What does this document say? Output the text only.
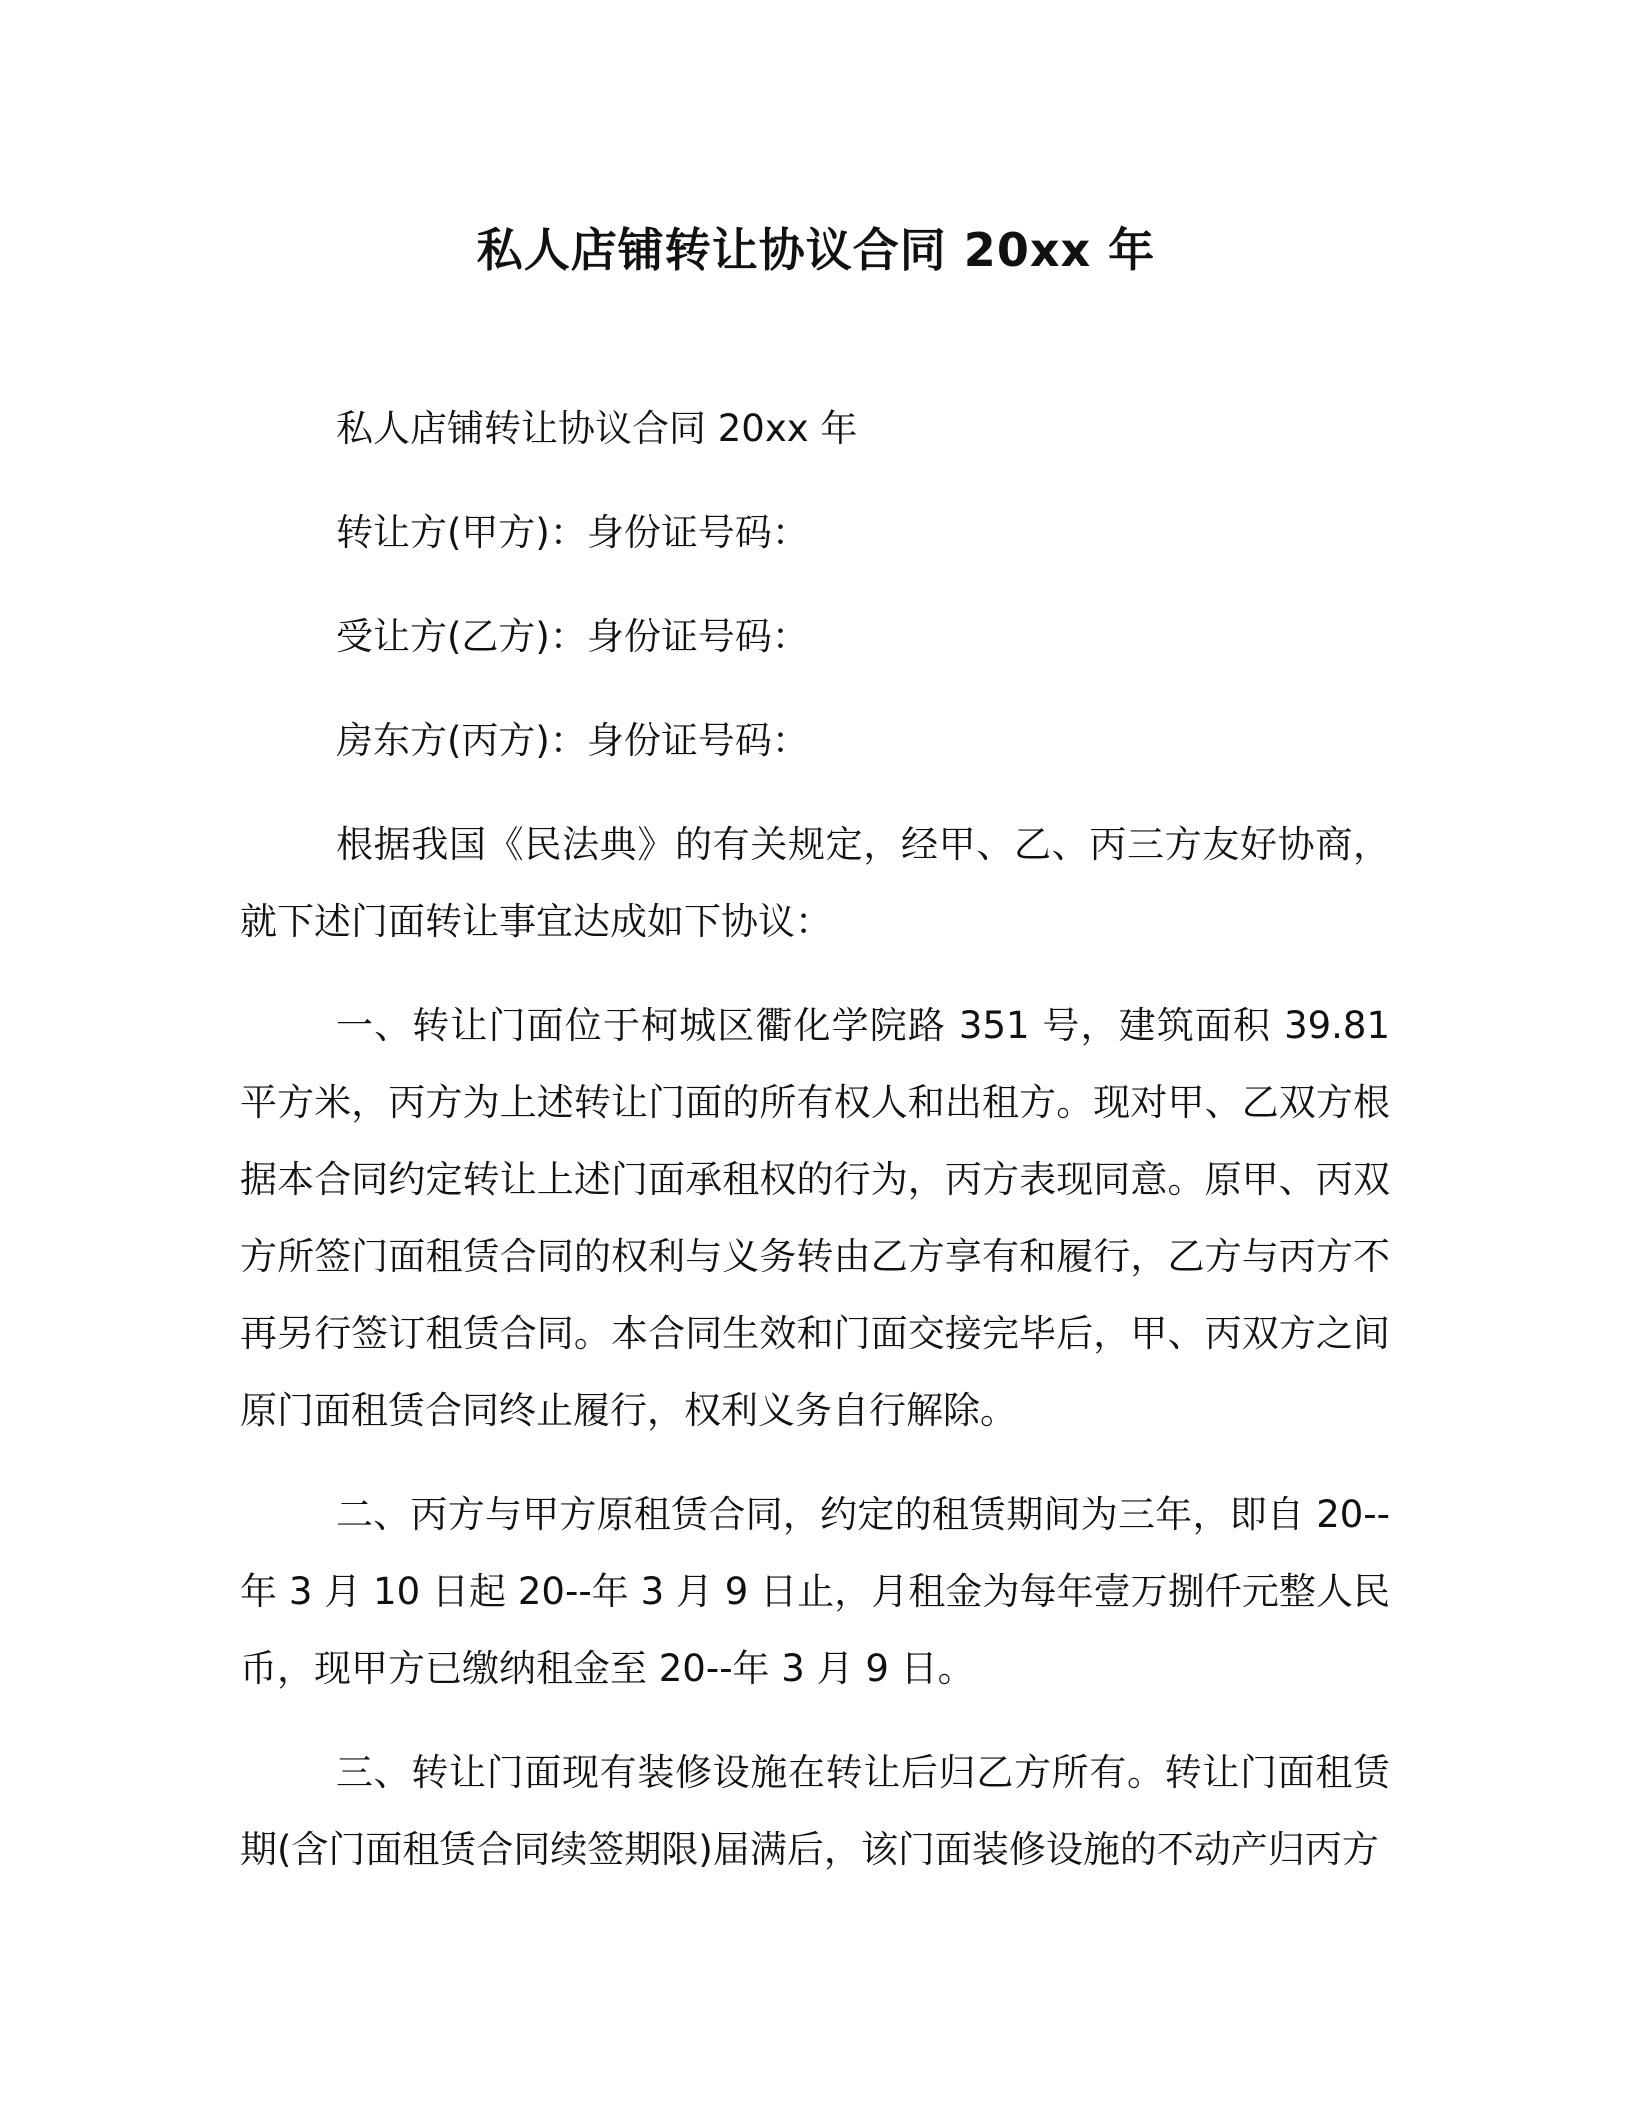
私人店铺转让协议合同 20xx 年

私人店铺转让协议合同 20xx 年

转让方(甲方)：身份证号码：

受让方(乙方)：身份证号码：

房东方(丙方)：身份证号码：

根据我国《民法典》的有关规定，经甲、乙、丙三方友好协商，就下述门面转让事宜达成如下协议：

一、转让门面位于柯城区衢化学院路 351 号，建筑面积 39.81 平方米，丙方为上述转让门面的所有权人和出租方。现对甲、乙双方根据本合同约定转让上述门面承租权的行为，丙方表现同意。原甲、丙双方所签门面租赁合同的权利与义务转由乙方享有和履行，乙方与丙方不再另行签订租赁合同。本合同生效和门面交接完毕后，甲、丙双方之间原门面租赁合同终止履行，权利义务自行解除。

二、丙方与甲方原租赁合同，约定的租赁期间为三年，即自 20--年 3 月 10 日起 20--年 3 月 9 日止，月租金为每年壹万捌仟元整人民币，现甲方已缴纳租金至 20--年 3 月 9 日。

三、转让门面现有装修设施在转让后归乙方所有。转让门面租赁期(含门面租赁合同续签期限)届满后，该门面装修设施的不动产归丙方
